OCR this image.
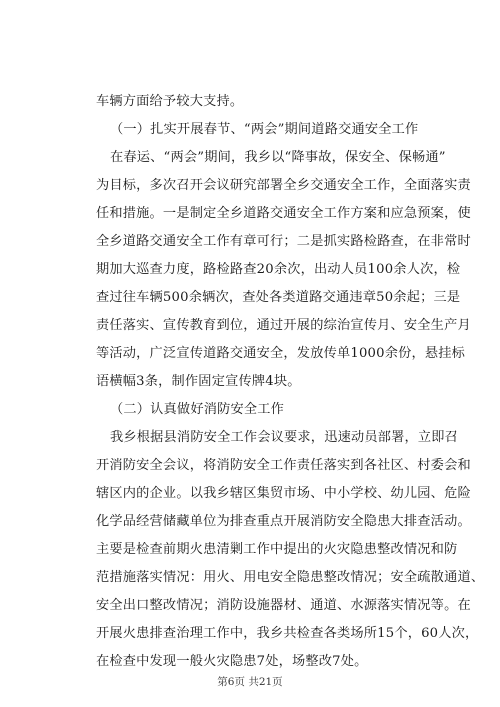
车辆方面给予较大支持。
（一）扎实开展春节、“两会”期间道路交通安全工作
在春运、“两会”期间，我乡以“降事故，保安全、保畅通”
为目标，多次召开会议研究部署全乡交通安全工作，全面落实责
任和措施。一是制定全乡道路交通安全工作方案和应急预案，使
全乡道路交通安全工作有章可行；二是抓实路检路查，在非常时
期加大巡查力度，路检路查20余次，出动人员100余人次，检
查过往车辆500余辆次，查处各类道路交通违章50余起；三是
责任落实、宣传教育到位，通过开展的综治宣传月、安全生产月
等活动，广泛宣传道路交通安全，发放传单1000余份，悬挂标
语横幅3条，制作固定宣传牌4块。
（二）认真做好消防安全工作
我乡根据县消防安全工作会议要求，迅速动员部署，立即召
开消防安全会议，将消防安全工作责任落实到各社区、村委会和
辖区内的企业。以我乡辖区集贸市场、中小学校、幼儿园、危险
化学品经营储藏单位为排查重点开展消防安全隐患大排查活动。
主要是检查前期火患清剿工作中提出的火灾隐患整改情况和防
范措施落实情况：用火、用电安全隐患整改情况；安全疏散通道、
安全出口整改情况；消防设施器材、通道、水源落实情况等。在
开展火患排查治理工作中，我乡共检查各类场所15个，60人次，
在检查中发现一般火灾隐患7处，场整改7处。
第6页 共21页
